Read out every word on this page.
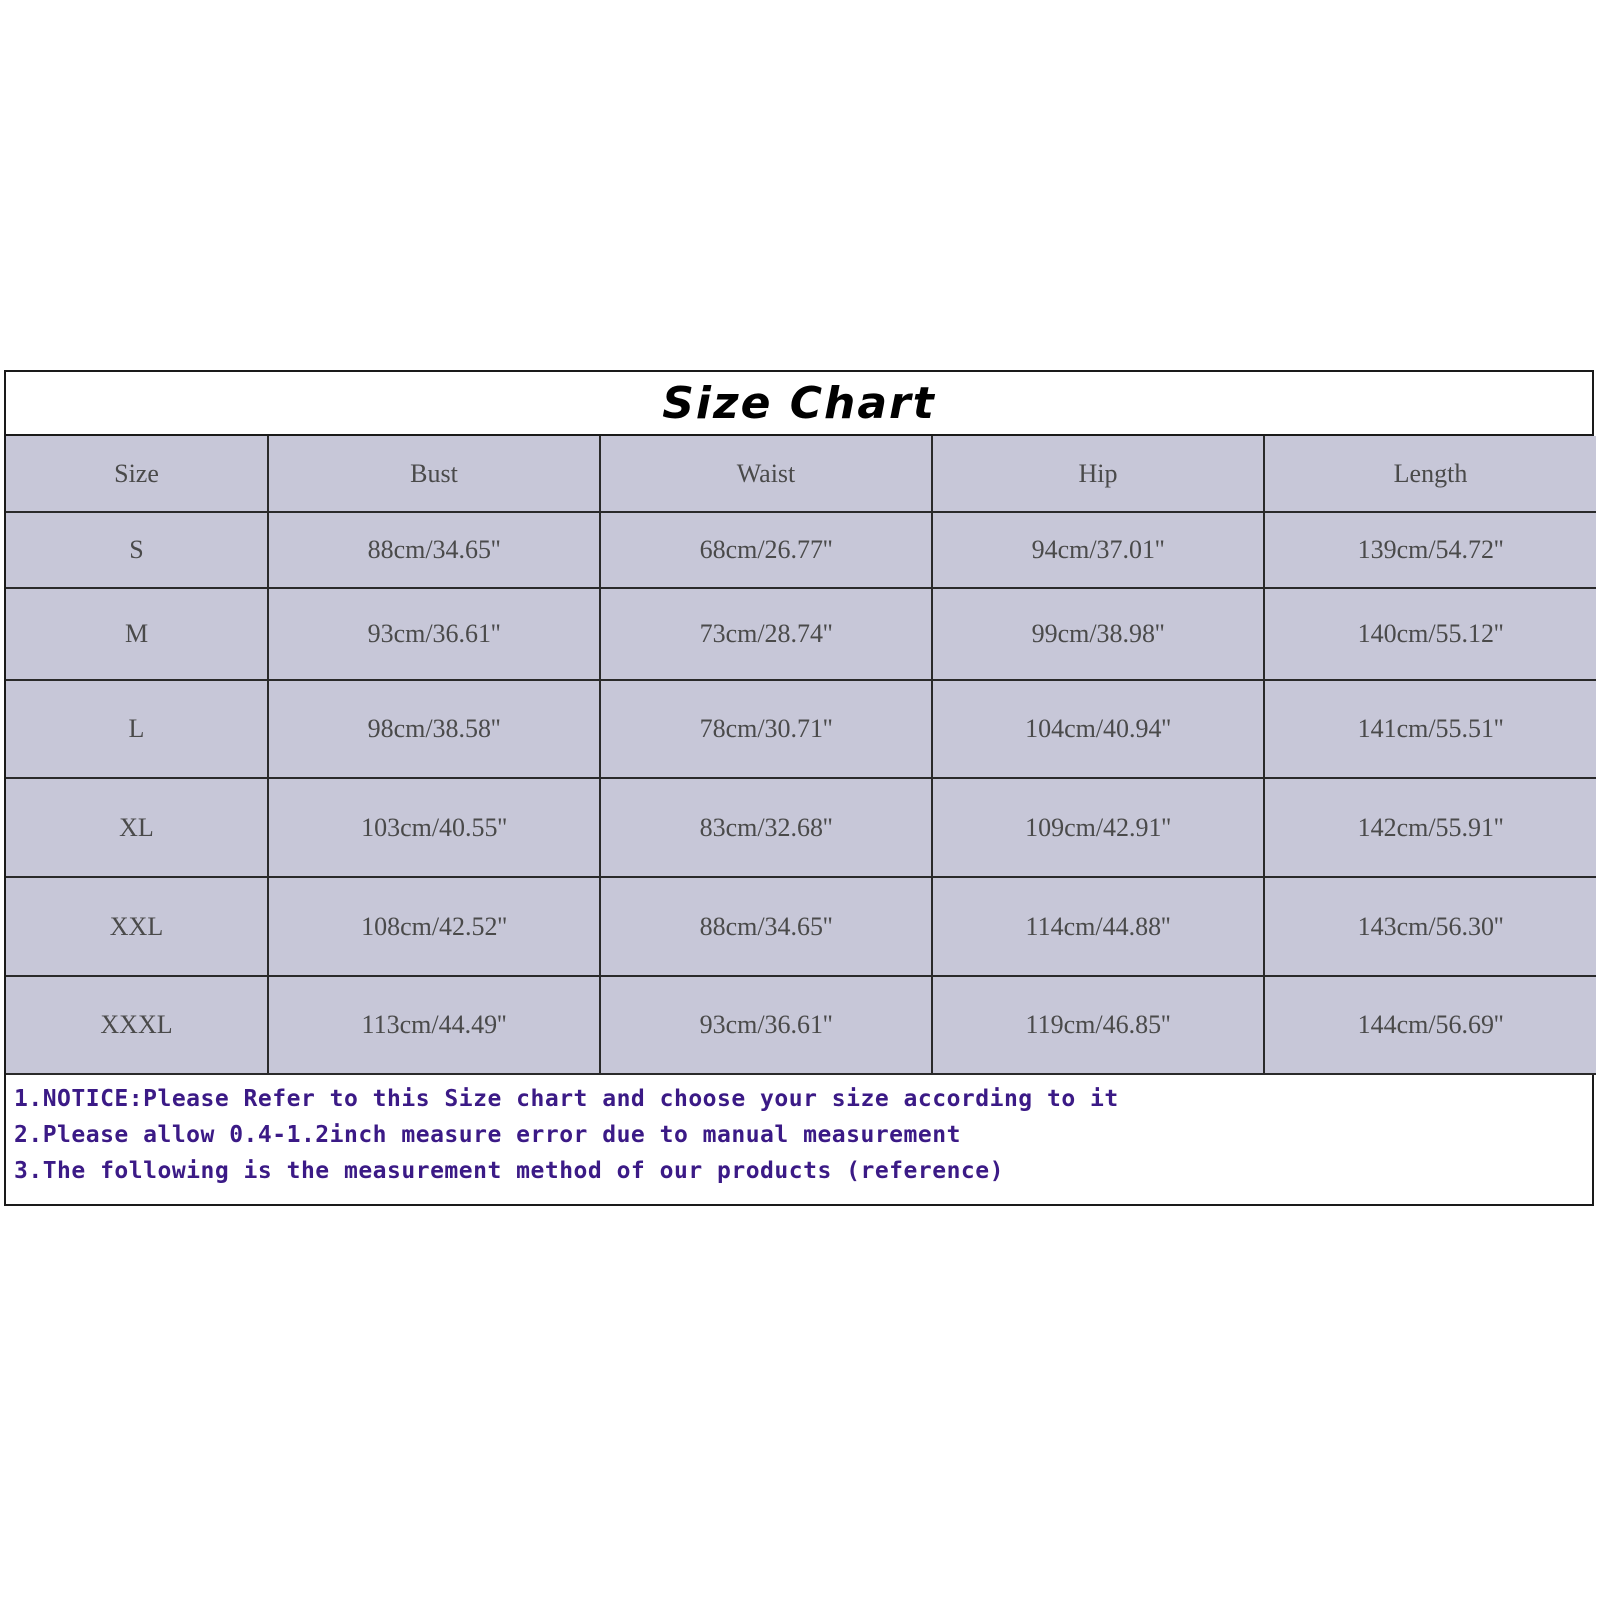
Size Chart
Size	Bust	Waist	Hip	Length
S	88cm/34.65''	68cm/26.77''	94cm/37.01''	139cm/54.72''
M	93cm/36.61''	73cm/28.74''	99cm/38.98''	140cm/55.12''
L	98cm/38.58''	78cm/30.71''	104cm/40.94''	141cm/55.51''
XL	103cm/40.55''	83cm/32.68''	109cm/42.91''	142cm/55.91''
XXL	108cm/42.52''	88cm/34.65''	114cm/44.88''	143cm/56.30''
XXXL	113cm/44.49''	93cm/36.61''	119cm/46.85''	144cm/56.69''
1.NOTICE:Please Refer to this Size chart and choose your size according to it
2.Please allow 0.4-1.2inch measure error due to manual measurement
3.The following is the measurement method of our products (reference)
